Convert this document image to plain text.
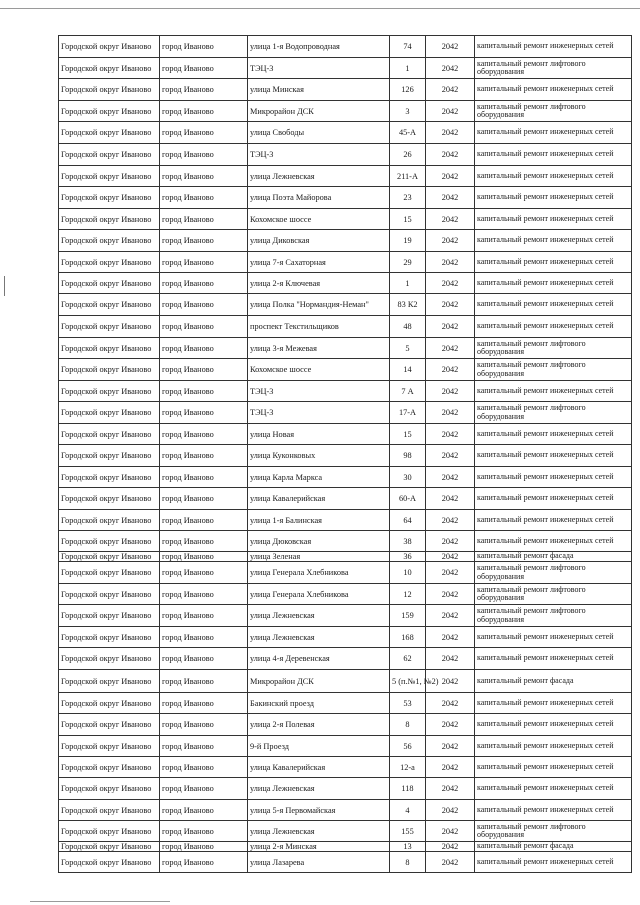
Городской округ Иваново	город Иваново	улица 1-я Водопроводная	74	2042	капитальный ремонт инженерных сетей
Городской округ Иваново	город Иваново	ТЭЦ-3	1	2042	капитальный ремонт лифтового оборудования
Городской округ Иваново	город Иваново	улица Минская	126	2042	капитальный ремонт инженерных сетей
Городской округ Иваново	город Иваново	Микрорайон ДСК	3	2042	капитальный ремонт лифтового оборудования
Городской округ Иваново	город Иваново	улица Свободы	45-А	2042	капитальный ремонт инженерных сетей
Городской округ Иваново	город Иваново	ТЭЦ-3	26	2042	капитальный ремонт инженерных сетей
Городской округ Иваново	город Иваново	улица Лежневская	211-А	2042	капитальный ремонт инженерных сетей
Городской округ Иваново	город Иваново	улица Поэта Майорова	23	2042	капитальный ремонт инженерных сетей
Городской округ Иваново	город Иваново	Кохомское шоссе	15	2042	капитальный ремонт инженерных сетей
Городской округ Иваново	город Иваново	улица Диковская	19	2042	капитальный ремонт инженерных сетей
Городской округ Иваново	город Иваново	улица 7-я Сахаторная	29	2042	капитальный ремонт инженерных сетей
Городской округ Иваново	город Иваново	улица 2-я Ключевая	1	2042	капитальный ремонт инженерных сетей
Городской округ Иваново	город Иваново	улица Полка "Нормандия-Неман"	83 К2	2042	капитальный ремонт инженерных сетей
Городской округ Иваново	город Иваново	проспект Текстильщиков	48	2042	капитальный ремонт инженерных сетей
Городской округ Иваново	город Иваново	улица 3-я Межевая	5	2042	капитальный ремонт лифтового оборудования
Городской округ Иваново	город Иваново	Кохомское шоссе	14	2042	капитальный ремонт лифтового оборудования
Городской округ Иваново	город Иваново	ТЭЦ-3	7 А	2042	капитальный ремонт инженерных сетей
Городской округ Иваново	город Иваново	ТЭЦ-3	17-А	2042	капитальный ремонт лифтового оборудования
Городской округ Иваново	город Иваново	улица Новая	15	2042	капитальный ремонт инженерных сетей
Городской округ Иваново	город Иваново	улица Куконковых	98	2042	капитальный ремонт инженерных сетей
Городской округ Иваново	город Иваново	улица Карла Маркса	30	2042	капитальный ремонт инженерных сетей
Городской округ Иваново	город Иваново	улица Кавалерийская	60-А	2042	капитальный ремонт инженерных сетей
Городской округ Иваново	город Иваново	улица 1-я Балинская	64	2042	капитальный ремонт инженерных сетей
Городской округ Иваново	город Иваново	улица Дюковская	38	2042	капитальный ремонт инженерных сетей
Городской округ Иваново	город Иваново	улица Зеленая	36	2042	капитальный ремонт фасада
Городской округ Иваново	город Иваново	улица Генерала Хлебникова	10	2042	капитальный ремонт лифтового оборудования
Городской округ Иваново	город Иваново	улица Генерала Хлебникова	12	2042	капитальный ремонт лифтового оборудования
Городской округ Иваново	город Иваново	улица Лежневская	159	2042	капитальный ремонт лифтового оборудования
Городской округ Иваново	город Иваново	улица Лежневская	168	2042	капитальный ремонт инженерных сетей
Городской округ Иваново	город Иваново	улица 4-я Деревенская	62	2042	капитальный ремонт инженерных сетей
Городской округ Иваново	город Иваново	Микрорайон ДСК	5 (п.№1, №2)	2042	капитальный ремонт фасада
Городской округ Иваново	город Иваново	Бакинский проезд	53	2042	капитальный ремонт инженерных сетей
Городской округ Иваново	город Иваново	улица 2-я Полевая	8	2042	капитальный ремонт инженерных сетей
Городской округ Иваново	город Иваново	9-й Проезд	56	2042	капитальный ремонт инженерных сетей
Городской округ Иваново	город Иваново	улица Кавалерийская	12-а	2042	капитальный ремонт инженерных сетей
Городской округ Иваново	город Иваново	улица Лежневская	118	2042	капитальный ремонт инженерных сетей
Городской округ Иваново	город Иваново	улица 5-я Первомайская	4	2042	капитальный ремонт инженерных сетей
Городской округ Иваново	город Иваново	улица Лежневская	155	2042	капитальный ремонт лифтового оборудования
Городской округ Иваново	город Иваново	улица 2-я Минская	13	2042	капитальный ремонт фасада
Городской округ Иваново	город Иваново	улица Лазарева	8	2042	капитальный ремонт инженерных сетей
